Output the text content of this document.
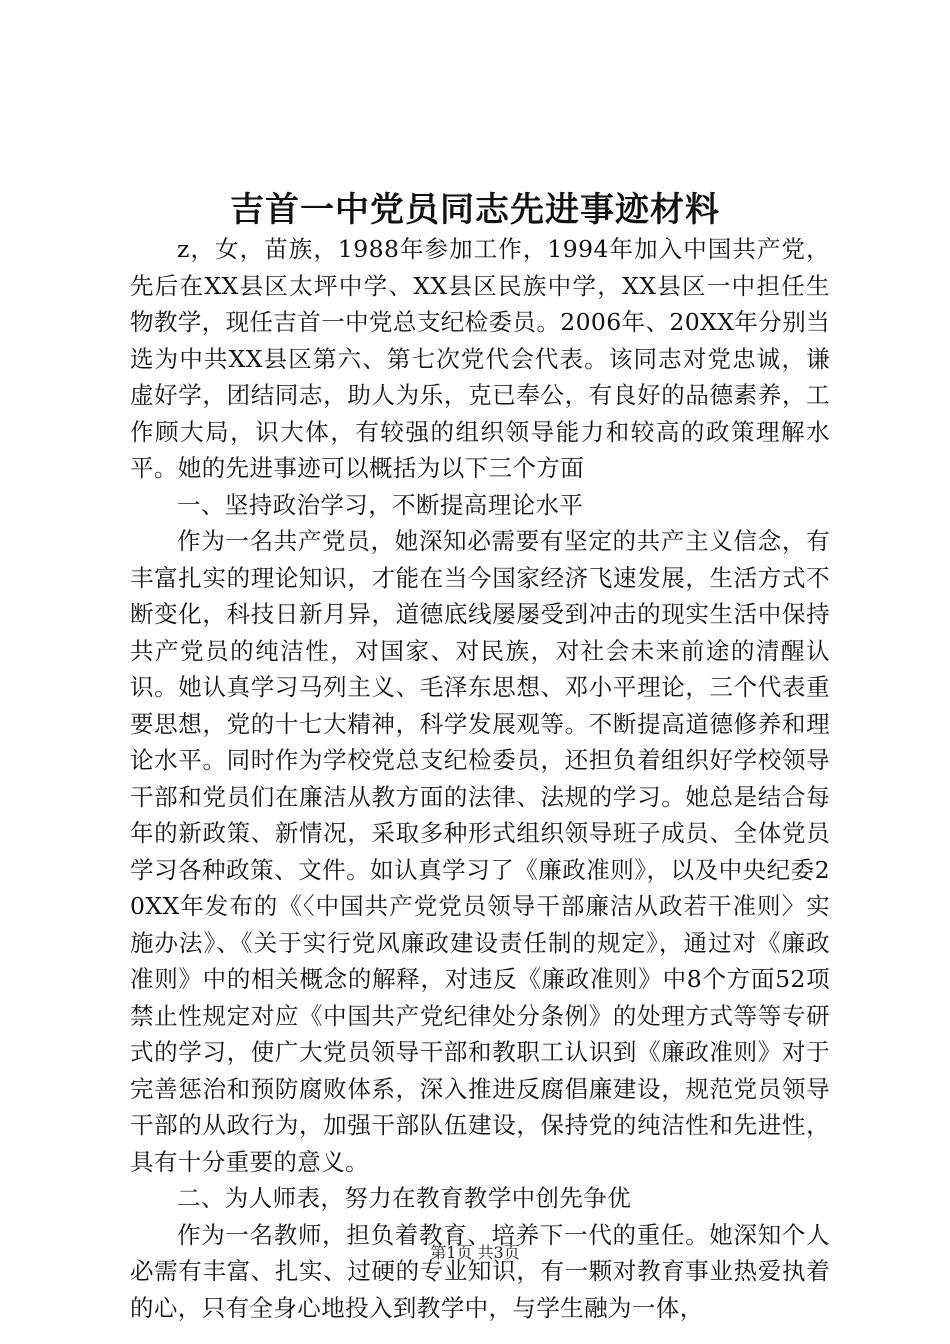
吉首一中党员同志先进事迹材料

z，女，苗族，1988年参加工作，1994年加入中国共产党，先后在XX县区太坪中学、XX县区民族中学，XX县区一中担任生物教学，现任吉首一中党总支纪检委员。2006年、20XX年分别当选为中共XX县区第六、第七次党代会代表。该同志对党忠诚，谦虚好学，团结同志，助人为乐，克已奉公，有良好的品德素养，工作顾大局，识大体，有较强的组织领导能力和较高的政策理解水平。她的先进事迹可以概括为以下三个方面

一、坚持政治学习，不断提高理论水平

作为一名共产党员，她深知必需要有坚定的共产主义信念，有丰富扎实的理论知识，才能在当今国家经济飞速发展，生活方式不断变化，科技日新月异，道德底线屡屡受到冲击的现实生活中保持共产党员的纯洁性，对国家、对民族，对社会未来前途的清醒认识。她认真学习马列主义、毛泽东思想、邓小平理论，三个代表重要思想，党的十七大精神，科学发展观等。不断提高道德修养和理论水平。同时作为学校党总支纪检委员，还担负着组织好学校领导干部和党员们在廉洁从教方面的法律、法规的学习。她总是结合每年的新政策、新情况，采取多种形式组织领导班子成员、全体党员学习各种政策、文件。如认真学习了《廉政准则》，以及中央纪委20XX年发布的《〈中国共产党党员领导干部廉洁从政若干准则〉实施办法》、《关于实行党风廉政建设责任制的规定》，通过对《廉政准则》中的相关概念的解释，对违反《廉政准则》中8个方面52项禁止性规定对应《中国共产党纪律处分条例》的处理方式等等专研式的学习，使广大党员领导干部和教职工认识到《廉政准则》对于完善惩治和预防腐败体系，深入推进反腐倡廉建设，规范党员领导干部的从政行为，加强干部队伍建设，保持党的纯洁性和先进性，具有十分重要的意义。

二、为人师表，努力在教育教学中创先争优

作为一名教师，担负着教育、培养下一代的重任。她深知个人必需有丰富、扎实、过硬的专业知识，有一颗对教育事业热爱执着的心，只有全身心地投入到教学中，与学生融为一体，

第1页 共3页
